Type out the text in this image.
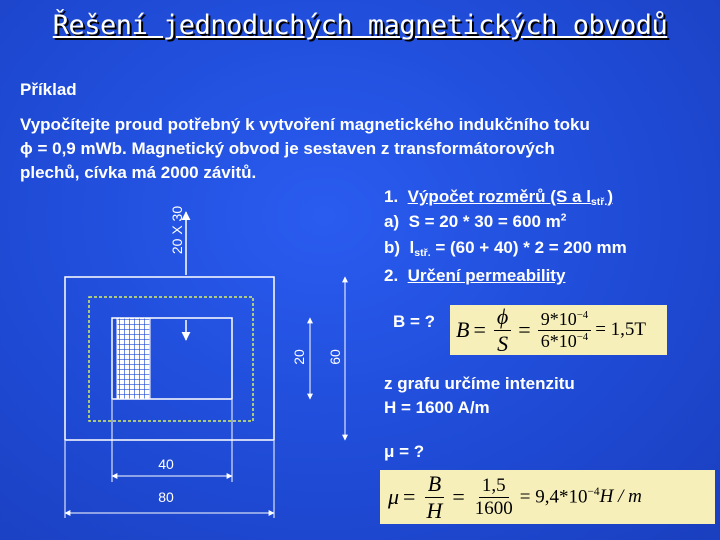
Řešení jednoduchých magnetických obvodů
Příklad
Vypočítejte proud potřebný k vytvoření magnetického indukčního toku
ϕ = 0,9 mWb. Magnetický obvod je sestaven z transformátorových
plechů, cívka má 2000 závitů.
1. Výpočet rozměrů (S a $l_{stř.}$)
a) S = 20 * 30 = 600 $m^2$
b) $l_{stř.} = (60 + 40) * 2 = 200$ mm
2. Určení permeability
B = ? $B = \frac{\phi}{S} = \frac{9*10^{-4}}{6*10^{-4}} = 1,5T$
z grafu určíme intenzitu
H = 1600 A/m
μ = ?
$\mu = \frac{B}{H} = \frac{1,5}{1600} = 9,4*10^{-4}$ H / m
20 X 30
20 60
40
80
